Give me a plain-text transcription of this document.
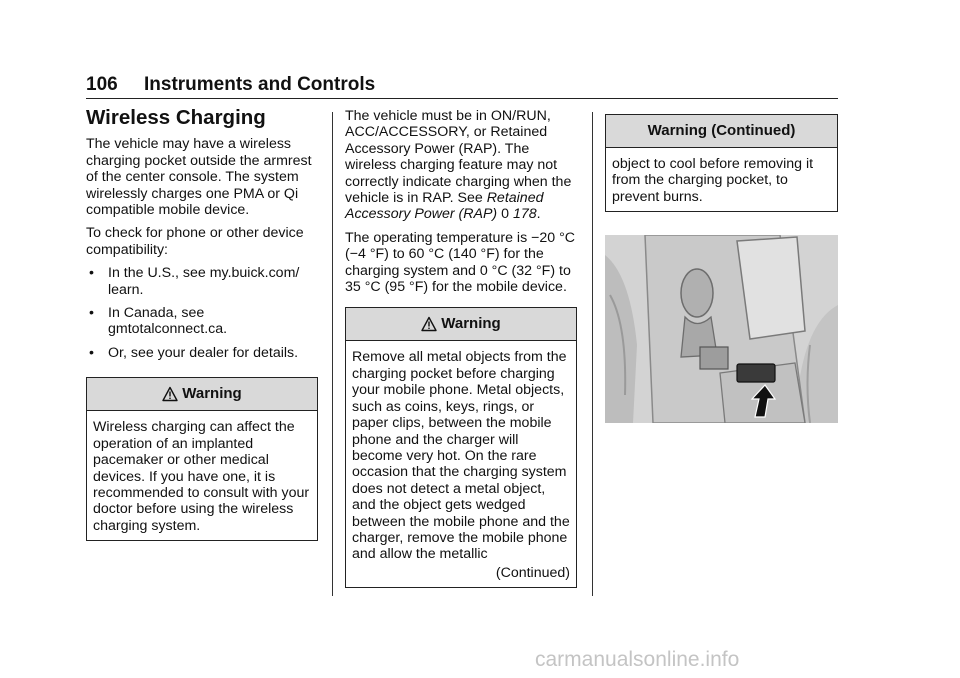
106 Instruments and Controls
Wireless Charging

The vehicle may have a wireless charging pocket outside the armrest of the center console. The system wirelessly charges one PMA or Qi compatible mobile device.

To check for phone or other device compatibility:

• In the U.S., see my.buick.com/ learn.
• In Canada, see gmtotalconnect.ca.
• Or, see your dealer for details.
Warning
Wireless charging can affect the operation of an implanted pacemaker or other medical devices. If you have one, it is recommended to consult with your doctor before using the wireless charging system.

The vehicle must be in ON/RUN, ACC/ACCESSORY, or Retained Accessory Power (RAP). The wireless charging feature may not correctly indicate charging when the vehicle is in RAP. See Retained Accessory Power (RAP) 0 178.

The operating temperature is −20 °C (−4 °F) to 60 °C (140 °F) for the charging system and 0 °C (32 °F) to 35 °C (95 °F) for the mobile device.

Warning
Remove all metal objects from the charging pocket before charging your mobile phone. Metal objects, such as coins, keys, rings, or paper clips, between the mobile phone and the charger will become very hot. On the rare occasion that the charging system does not detect a metal object, and the object gets wedged between the mobile phone and the charger, remove the mobile phone and allow the metallic
(Continued)
Warning (Continued)
object to cool before removing it from the charging pocket, to prevent burns.
carmanualsonline.info
